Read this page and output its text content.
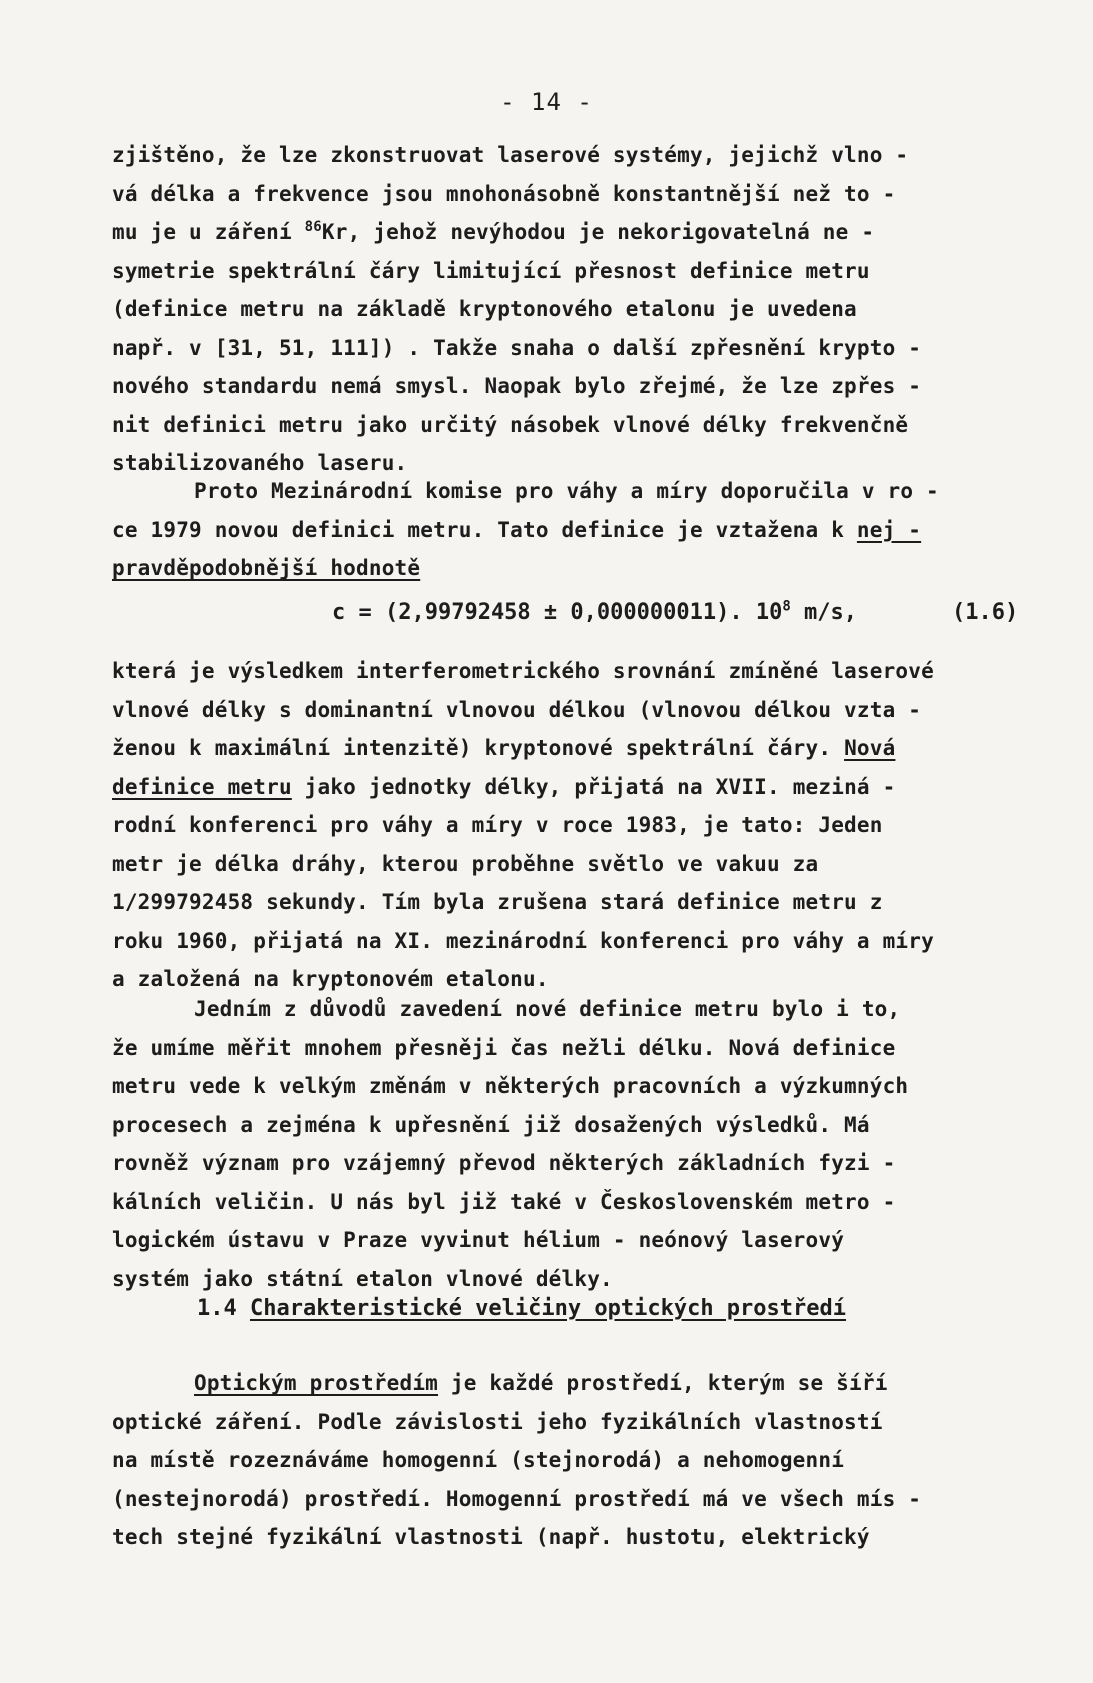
- 14 -
zjištěno, že lze zkonstruovat laserové systémy, jejichž vlno -
vá délka a frekvence jsou mnohonásobně konstantnější než to -
mu je u záření $^{86}$Kr, jehož nevýhodou je nekorigovatelná ne -
symetrie spektrální čáry limitující přesnost definice metru
(definice metru na základě kryptonového etalonu je uvedena
např. v [31, 51, 111]) . Takže snaha o další zpřesnění krypto -
nového standardu nemá smysl. Naopak bylo zřejmé, že lze zpřes -
nit definici metru jako určitý násobek vlnové délky frekvenčně
stabilizovaného laseru.
Proto Mezinárodní komise pro váhy a míry doporučila v ro -
ce 1979 novou definici metru. Tato definice je vztažena k nej -
pravděpodobnější hodnotě
c = (2,99792458 ± 0,000000011). $10^8$ m/s,	(1.6)
která je výsledkem interferometrického srovnání zmíněné laserové
vlnové délky s dominantní vlnovou délkou (vlnovou délkou vzta -
ženou k maximální intenzitě) kryptonové spektrální čáry. Nová
definice metru jako jednotky délky, přijatá na XVII. meziná -
rodní konferenci pro váhy a míry v roce 1983, je tato: Jeden
metr je délka dráhy, kterou proběhne světlo ve vakuu za
1/299792458 sekundy. Tím byla zrušena stará definice metru z
roku 1960, přijatá na XI. mezinárodní konferenci pro váhy a míry
a založená na kryptonovém etalonu.
Jedním z důvodů zavedení nové definice metru bylo i to,
že umíme měřit mnohem přesněji čas nežli délku. Nová definice
metru vede k velkým změnám v některých pracovních a výzkumných
procesech a zejména k upřesnění již dosažených výsledků. Má
rovněž význam pro vzájemný převod některých základních fyzi -
kálních veličin. U nás byl již také v Československém metro -
logickém ústavu v Praze vyvinut hélium - neónový laserový
systém jako státní etalon vlnové délky.
1.4 Charakteristické veličiny optických prostředí
Optickým prostředím je každé prostředí, kterým se šíří
optické záření. Podle závislosti jeho fyzikálních vlastností
na místě rozeznáváme homogenní (stejnorodá) a nehomogenní
(nestejnorodá) prostředí. Homogenní prostředí má ve všech mís -
tech stejné fyzikální vlastnosti (např. hustotu, elektrický
